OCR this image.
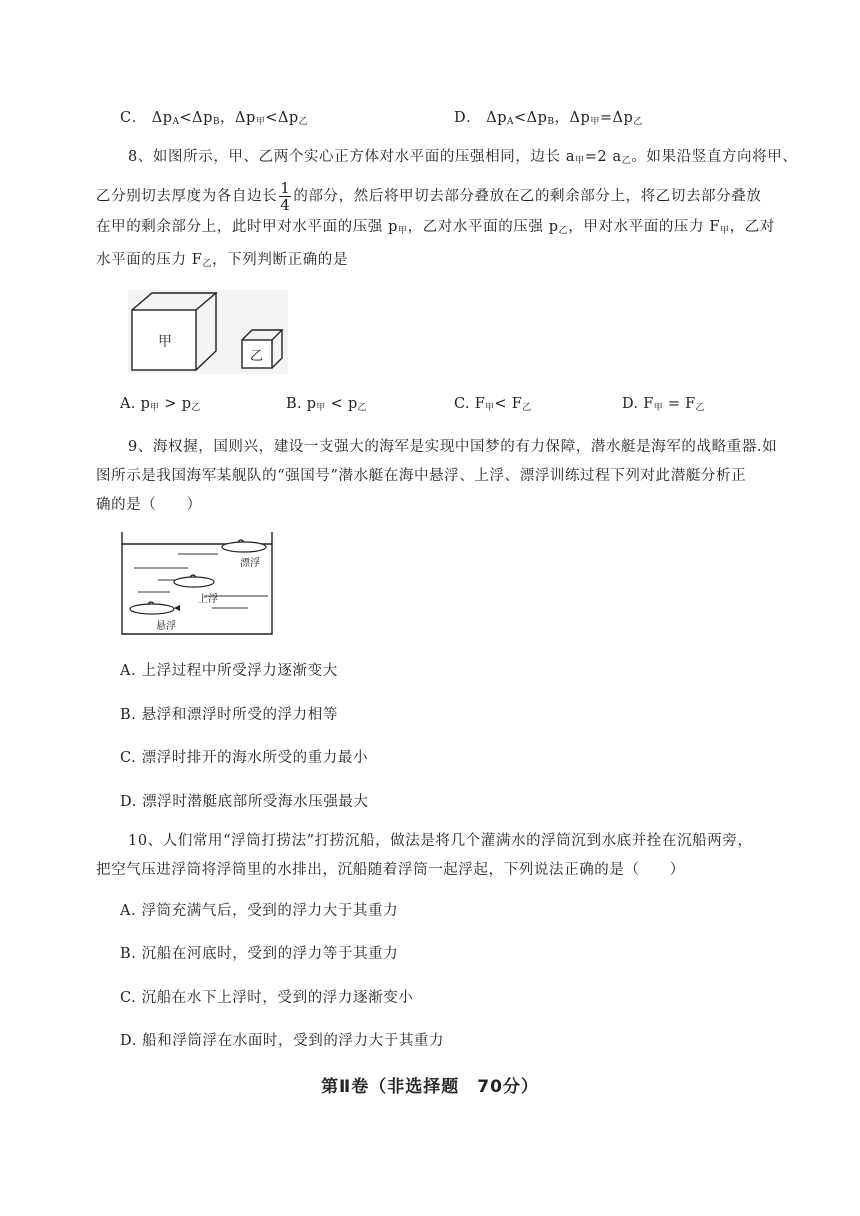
C． $\Delta p_A<\Delta p_B$，$\Delta p_甲<\Delta p_乙$	D． $\Delta p_A<\Delta p_B$，$\Delta p_甲=\Delta p_乙$
8、如图所示，甲、乙两个实心正方体对水平面的压强相同，边长 $a_甲=2$ $a_乙$。如果沿竖直方向将甲、
乙分别切去厚度为各自边长 $\frac{1}{4}$ 的部分，然后将甲切去部分叠放在乙的剩余部分上，将乙切去部分叠放
在甲的剩余部分上，此时甲对水平面的压强 $p_甲$，乙对水平面的压强 $p_乙$，甲对水平面的压力 $F_甲$，乙对
水平面的压力 $F_乙$，下列判断正确的是
甲
乙
A. $p_甲 > p_乙$	B. $p_甲 < p_乙$	C. $F_甲< F_乙$	D. $F_甲 = F_乙$
9、海权握，国则兴，建设一支强大的海军是实现中国梦的有力保障，潜水艇是海军的战略重器.如
图所示是我国海军某舰队的“强国号”潜水艇在海中悬浮、上浮、漂浮训练过程下列对此潜艇分析正
确的是（　　）
漂浮
上浮
悬浮
A. 上浮过程中所受浮力逐渐变大
B. 悬浮和漂浮时所受的浮力相等
C. 漂浮时排开的海水所受的重力最小
D. 漂浮时潜艇底部所受海水压强最大
10、人们常用“浮筒打捞法”打捞沉船，做法是将几个灌满水的浮筒沉到水底并拴在沉船两旁，
把空气压进浮筒将浮筒里的水排出，沉船随着浮筒一起浮起，下列说法正确的是（　　）
A. 浮筒充满气后，受到的浮力大于其重力
B. 沉船在河底时，受到的浮力等于其重力
C. 沉船在水下上浮时，受到的浮力逐渐变小
D. 船和浮筒浮在水面时，受到的浮力大于其重力
第Ⅱ卷（非选择题　70分）
